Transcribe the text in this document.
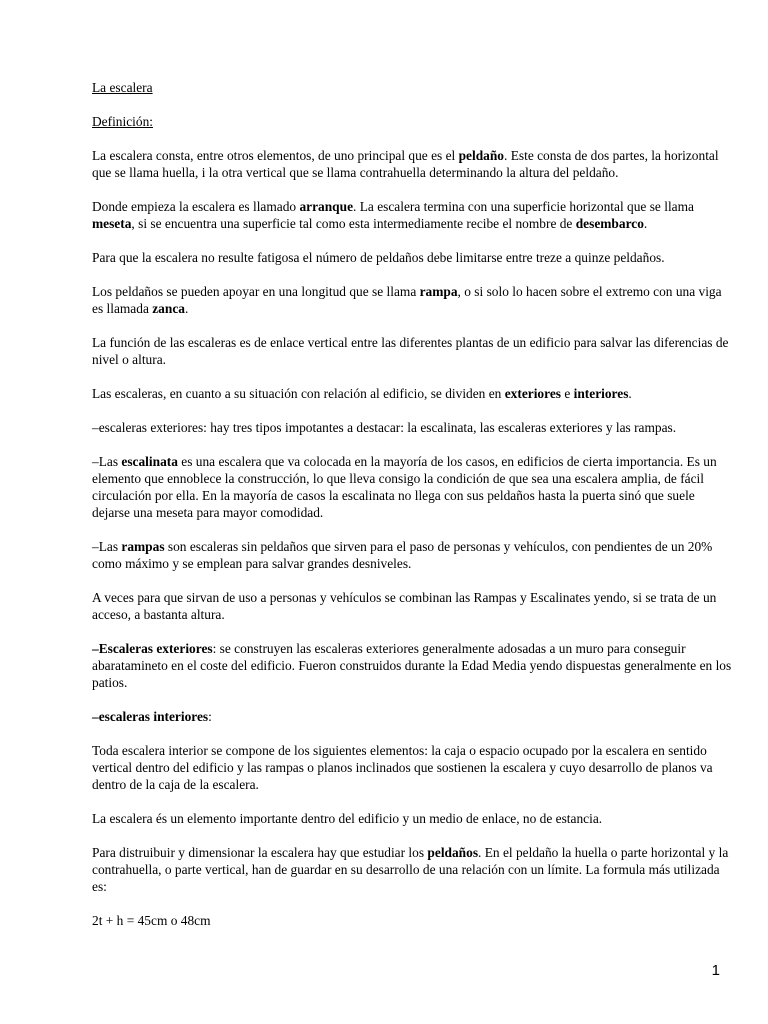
La escalera

Definición:

La escalera consta, entre otros elementos, de uno principal que es el peldaño. Este consta de dos partes, la horizontal que se llama huella, i la otra vertical que se llama contrahuella determinando la altura del peldaño.

Donde empieza la escalera es llamado arranque. La escalera termina con una superficie horizontal que se llama meseta, si se encuentra una superficie tal como esta intermediamente recibe el nombre de desembarco.

Para que la escalera no resulte fatigosa el número de peldaños debe limitarse entre treze a quinze peldaños.

Los peldaños se pueden apoyar en una longitud que se llama rampa, o si solo lo hacen sobre el extremo con una viga es llamada zanca.

La función de las escaleras es de enlace vertical entre las diferentes plantas de un edificio para salvar las diferencias de nivel o altura.

Las escaleras, en cuanto a su situación con relación al edificio, se dividen en exteriores e interiores.

–escaleras exteriores: hay tres tipos impotantes a destacar: la escalinata, las escaleras exteriores y las rampas.

–Las escalinata es una escalera que va colocada en la mayoría de los casos, en edificios de cierta importancia. Es un elemento que ennoblece la construcción, lo que lleva consigo la condición de que sea una escalera amplia, de fácil circulación por ella. En la mayoría de casos la escalinata no llega con sus peldaños hasta la puerta sinó que suele dejarse una meseta para mayor comodidad.

–Las rampas son escaleras sin peldaños que sirven para el paso de personas y vehículos, con pendientes de un 20% como máximo y se emplean para salvar grandes desniveles.

A veces para que sirvan de uso a personas y vehículos se combinan las Rampas y Escalinates yendo, si se trata de un acceso, a bastanta altura.

–Escaleras exteriores: se construyen las escaleras exteriores generalmente adosadas a un muro para conseguir abaratamineto en el coste del edificio. Fueron construidos durante la Edad Media yendo dispuestas generalmente en los patios.

–escaleras interiores:

Toda escalera interior se compone de los siguientes elementos: la caja o espacio ocupado por la escalera en sentido vertical dentro del edificio y las rampas o planos inclinados que sostienen la escalera y cuyo desarrollo de planos va dentro de la caja de la escalera.

La escalera és un elemento importante dentro del edificio y un medio de enlace, no de estancia.

Para distruibuir y dimensionar la escalera hay que estudiar los peldaños. En el peldaño la huella o parte horizontal y la contrahuella, o parte vertical, han de guardar en su desarrollo de una relación con un límite. La formula más utilizada es:

2t + h = 45cm o 48cm

1
